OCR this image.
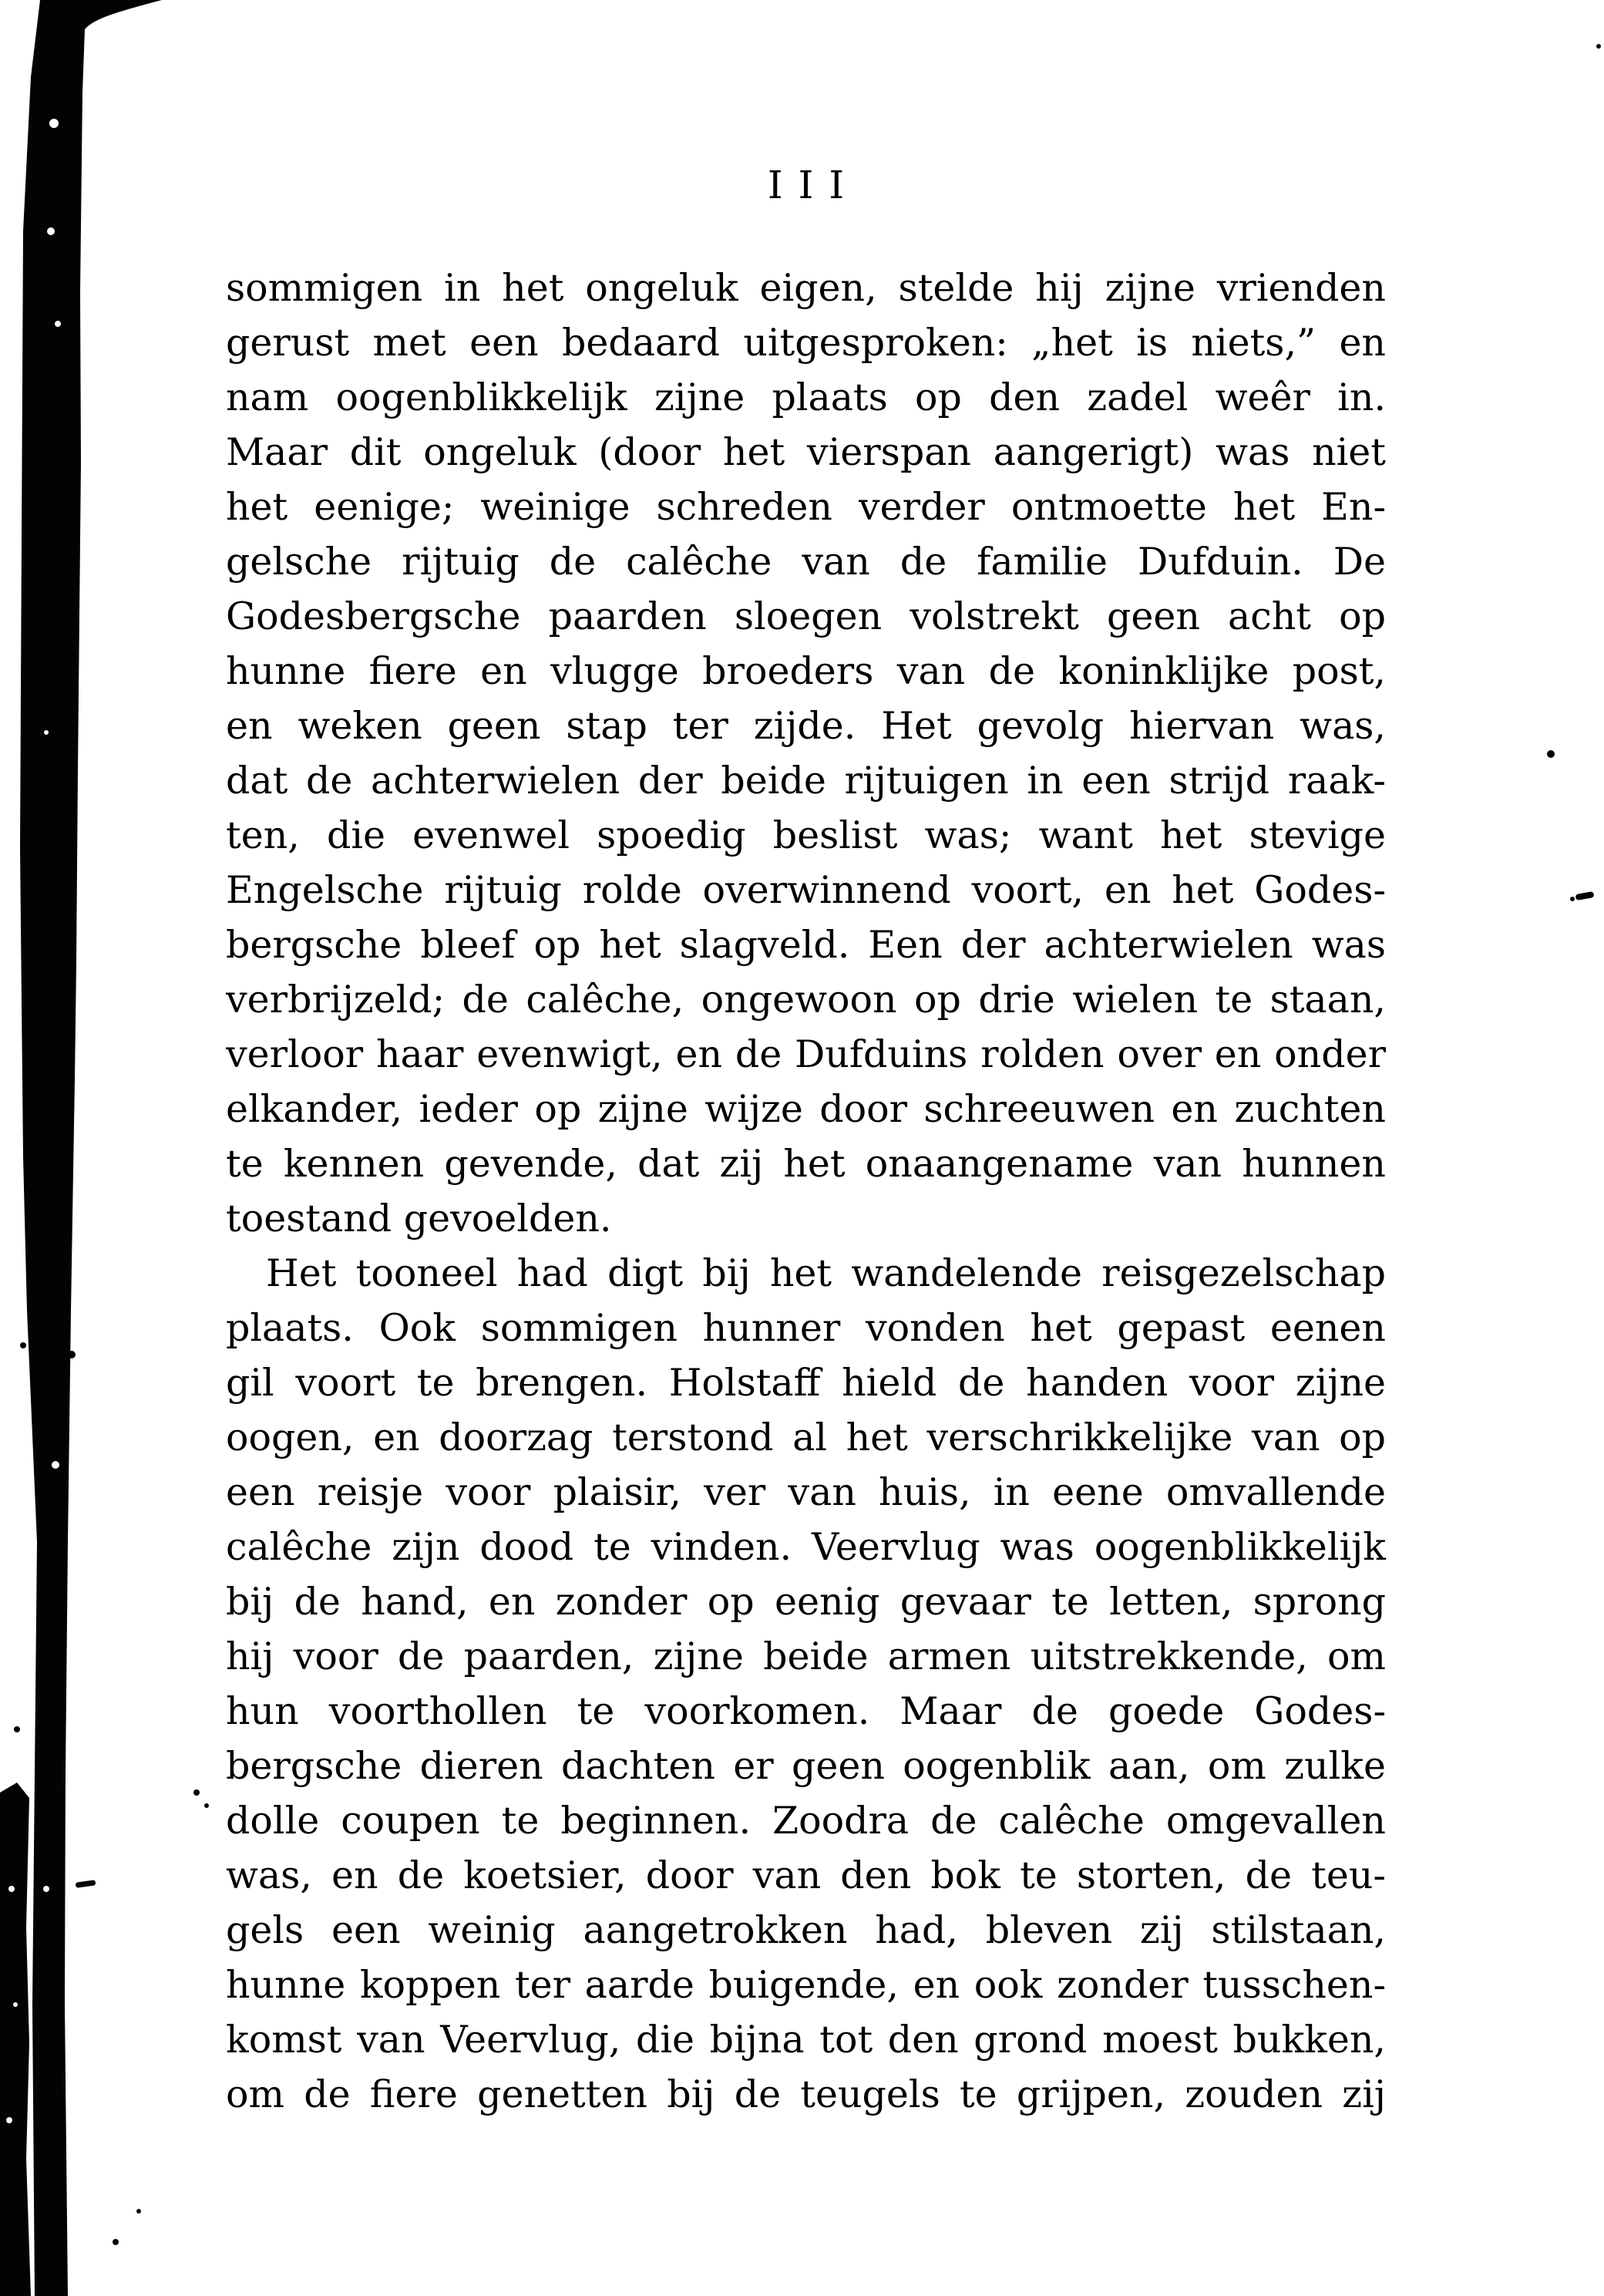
III
sommigen in het ongeluk eigen, stelde hij zijne vrienden
gerust met een bedaard uitgesproken: „het is niets,” en
nam oogenblikkelijk zijne plaats op den zadel weêr in.
Maar dit ongeluk (door het vierspan aangerigt) was niet
het eenige; weinige schreden verder ontmoette het En-
gelsche rijtuig de calêche van de familie Dufduin. De
Godesbergsche paarden sloegen volstrekt geen acht op
hunne fiere en vlugge broeders van de koninklijke post,
en weken geen stap ter zijde. Het gevolg hiervan was,
dat de achterwielen der beide rijtuigen in een strijd raak-
ten, die evenwel spoedig beslist was; want het stevige
Engelsche rijtuig rolde overwinnend voort, en het Godes-
bergsche bleef op het slagveld. Een der achterwielen was
verbrijzeld; de calêche, ongewoon op drie wielen te staan,
verloor haar evenwigt, en de Dufduins rolden over en onder
elkander, ieder op zijne wijze door schreeuwen en zuchten
te kennen gevende, dat zij het onaangename van hunnen
toestand gevoelden.
Het tooneel had digt bij het wandelende reisgezelschap
plaats. Ook sommigen hunner vonden het gepast eenen
gil voort te brengen. Holstaff hield de handen voor zijne
oogen, en doorzag terstond al het verschrikkelijke van op
een reisje voor plaisir, ver van huis, in eene omvallende
calêche zijn dood te vinden. Veervlug was oogenblikkelijk
bij de hand, en zonder op eenig gevaar te letten, sprong
hij voor de paarden, zijne beide armen uitstrekkende, om
hun voorthollen te voorkomen. Maar de goede Godes-
bergsche dieren dachten er geen oogenblik aan, om zulke
dolle coupen te beginnen. Zoodra de calêche omgevallen
was, en de koetsier, door van den bok te storten, de teu-
gels een weinig aangetrokken had, bleven zij stilstaan,
hunne koppen ter aarde buigende, en ook zonder tusschen-
komst van Veervlug, die bijna tot den grond moest bukken,
om de fiere genetten bij de teugels te grijpen, zouden zij
